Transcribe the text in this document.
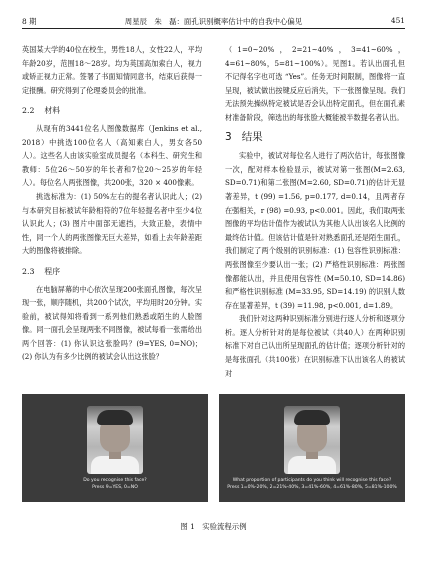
8 期	周星辰　朱　磊：面孔识别概率估计中的自我中心偏见	451

英国某大学的40位在校生，男性18人，女性22人，平均年龄20岁，范围18～28岁。均为英国高加索白人，视力或矫正视力正常。签署了书面知情同意书，结束后获得一定报酬。研究得到了伦理委员会的批准。

2.2 材料

从现有的3441位名人图像数据库（Jenkins et al., 2018）中挑选100位名人（高知素白人，男女各50人）。这些名人由该实验室成员提名（本科生、研究生和教师：5位26～50岁的年长者和7位20～25岁的年轻人）。每位名人两张图像，共200张，320 × 400像素。

挑选标准为：(1) 50%左右的提名者认识此人；(2) 与本研究目标被试年龄相符的7位年轻提名者中至少4位认识此人；(3) 图片中面部无遮挡，大致正脸，表情中性，同一个人的两张图像无巨大差异，如看上去年龄差距大的图像将被排除。

2.3 程序

在电脑屏幕的中心依次呈现200张面孔图像，每次呈现一张，顺序随机，共200个试次，平均用时20分钟。实验前，被试得知将看到一系列他们熟悉或陌生的人脸图像。同一面孔会呈现两张不同图像，被试每看一张需给出两个回答：(1) 你认识这张脸吗？(9=YES, 0=NO)；(2) 你认为有多少比例的被试会认出这张脸？

（1=0~20%，2=21~40%，3=41~60%，4=61~80%，5=81~100%）。见图1。若认出面孔但不记得名字也可选 “Yes”。任务无时间限制，图像将一直呈现，被试做出按键反应后消失，下一张图像呈现。我们无法预先操纵特定被试是否会认出特定面孔，但在面孔素材准备阶段，筛选出的每张脸大概能被半数提名者认出。

3 结果

实验中，被试对每位名人进行了两次估计，每张图像一次，配对样本检验显示，被试对第一张图(M=2.63, SD=0.71)和第二张图(M=2.60, SD=0.71)的估计无显著差异，t (99) =1.56, p=0.177, d=0.14，且两者存在强相关，r (98) =0.93, p<0.001。因此，我们取两张图像的平均估计值作为被试认为其他人认出该名人比例的最终估计值。但该估计值是针对熟悉面孔还是陌生面孔，我们制定了两个级别的识别标准：(1) 包容性识别标准：两张图像至少要认出一张；(2) 严格性识别标准：两张图像都能认出，并且使用包容性 (M=50.10, SD=14.86) 和严格性识别标准 (M=33.95, SD=14.19) 的识别人数存在显著差异，t (39) =11.98, p<0.001, d=1.89。

我们针对这两种识别标准分别进行逐人分析和逐项分析。逐人分析针对的是每位被试（共40人）在两种识别标准下对自己认出所呈现面孔的估计值；逐项分析针对的是每张面孔（共100张）在识别标准下认出该名人的被试对

Do you recognise this face?
Press 9=YES, 0=NO
What proportion of participants do you think will recognise this face?
Press 1=0%-20%, 2=21%-40%, 3=41%-60%, 4=61%-80%, 5=81%-100%
图 1　实验流程示例
